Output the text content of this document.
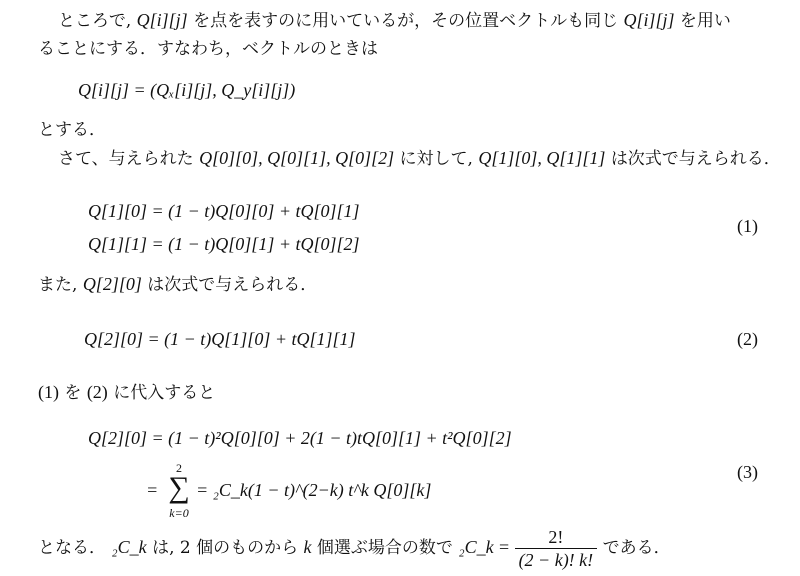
ところで, Q[i][j] を点を表すのに用いているが，その位置ベクトルも同じ Q[i][j] を用い
ることにする．すなわち，ベクトルのときは
Q[i][j] = (Qₓ[i][j], Q_y[i][j])
とする．
さて、与えられた Q[0][0], Q[0][1], Q[0][2] に対して, Q[1][0], Q[1][1] は次式で与えられる．
Q[1][0] = (1 − t)Q[0][0] + tQ[0][1]
Q[1][1] = (1 − t)Q[0][1] + tQ[0][2]
(1)
また, Q[2][0] は次式で与えられる．
Q[2][0] = (1 − t)Q[1][0] + tQ[1][1]	(2)
(1) を (2) に代入すると
Q[2][0] = (1 − t)²Q[0][0] + 2(1 − t)tQ[0][1] + t²Q[0][2]
2
∑
k=0
= = ₂C_k(1 − t)^(2−k) t^k Q[0][k]
(3)
となる． ₂C_k は, 2 個のものから k 個選ぶ場合の数で ₂C_k = $\frac{2!}{(2 - k)! k!}$ である．
